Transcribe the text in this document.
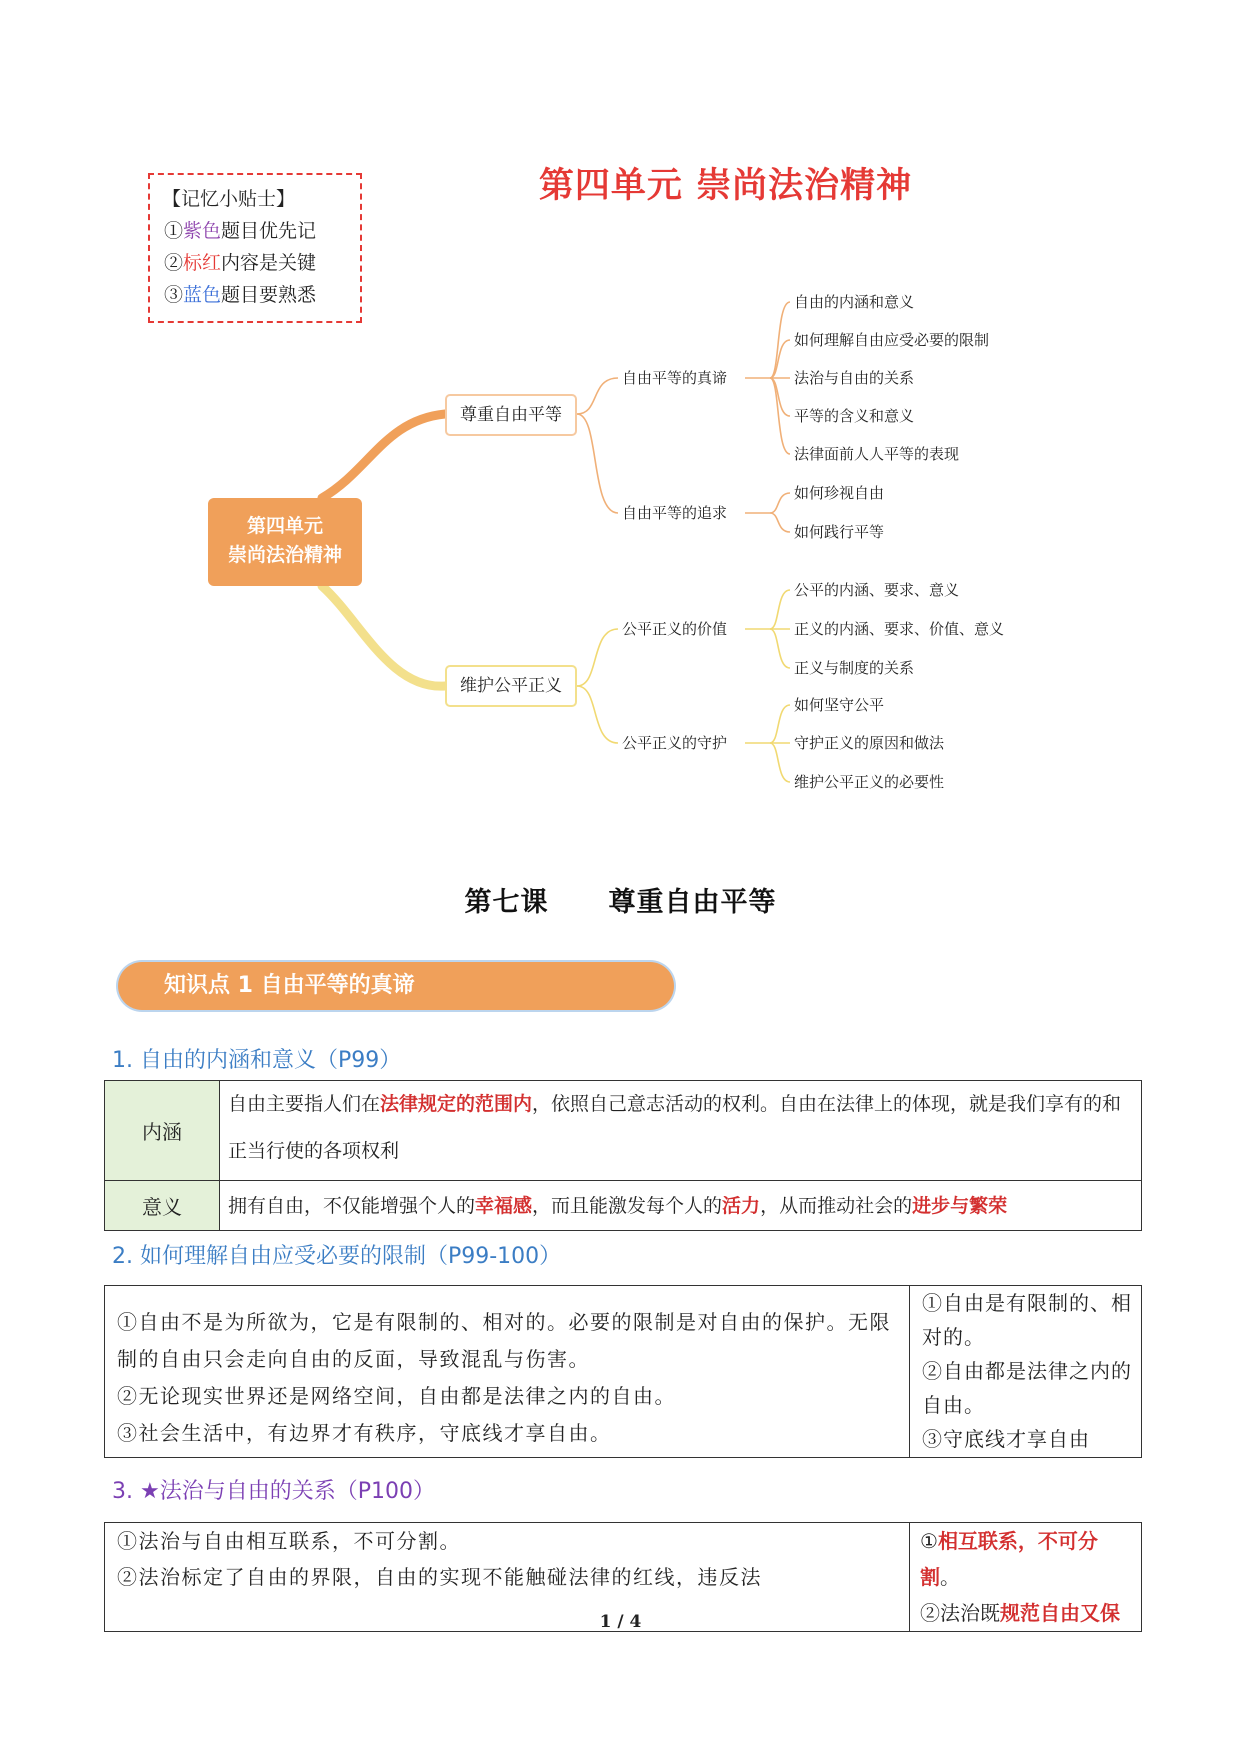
【记忆小贴士】
①紫色题目优先记
②标红内容是关键
③蓝色题目要熟悉
第四单元 崇尚法治精神
第四单元
崇尚法治精神
尊重自由平等
维护公平正义
自由平等的真谛
自由平等的追求
公平正义的价值
公平正义的守护
自由的内涵和意义
如何理解自由应受必要的限制
法治与自由的关系
平等的含义和意义
法律面前人人平等的表现
如何珍视自由
如何践行平等
公平的内涵、要求、意义
正义的内涵、要求、价值、意义
正义与制度的关系
如何坚守公平
守护正义的原因和做法
维护公平正义的必要性
第七课 尊重自由平等
知识点 1 自由平等的真谛
1. 自由的内涵和意义（P99）
内涵	自由主要指人们在法律规定的范围内，依照自己意志活动的权利。自由在法律上的体现，就是我们享有的和正当行使的各项权利
意义	拥有自由，不仅能增强个人的幸福感，而且能激发每个人的活力，从而推动社会的进步与繁荣
2. 如何理解自由应受必要的限制（P99-100）
①自由不是为所欲为，它是有限制的、相对的。必要的限制是对自由的保护。无限制的自由只会走向自由的反面，导致混乱与伤害。
②无论现实世界还是网络空间，自由都是法律之内的自由。
③社会生活中，有边界才有秩序，守底线才享自由。

①自由是有限制的、相对的。
②自由都是法律之内的自由。
③守底线才享自由
3. ★法治与自由的关系（P100）
①法治与自由相互联系，不可分割。
②法治标定了自由的界限，自由的实现不能触碰法律的红线，违反法

①相互联系，不可分割。
②法治既规范自由又保
1 / 4
